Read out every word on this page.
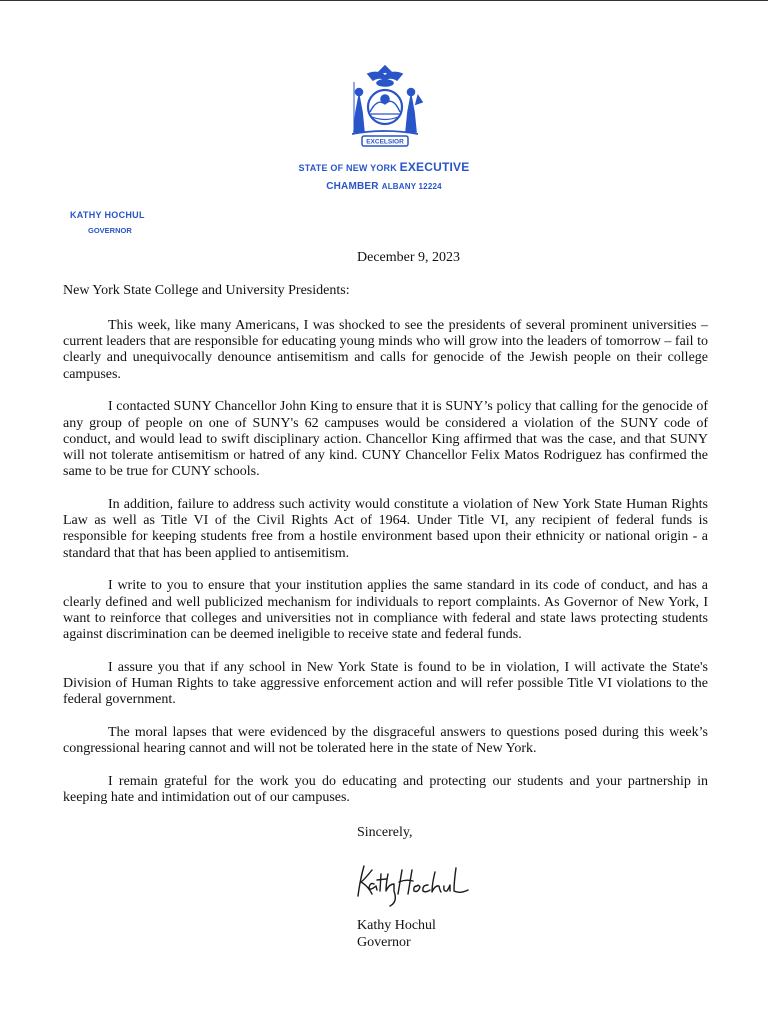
EXCELSIOR
STATE OF NEW YORK EXECUTIVE
CHAMBER ALBANY 12224
KATHY HOCHUL
GOVERNOR
December 9, 2023
New York State College and University Presidents:

This week, like many Americans, I was shocked to see the presidents of several prominent universities – current leaders that are responsible for educating young minds who will grow into the leaders of tomorrow – fail to clearly and unequivocally denounce antisemitism and calls for genocide of the Jewish people on their college campuses.

I contacted SUNY Chancellor John King to ensure that it is SUNY’s policy that calling for the genocide of any group of people on one of SUNY's 62 campuses would be considered a violation of the SUNY code of conduct, and would lead to swift disciplinary action. Chancellor King affirmed that was the case, and that SUNY will not tolerate antisemitism or hatred of any kind. CUNY Chancellor Felix Matos Rodriguez has confirmed the same to be true for CUNY schools.

In addition, failure to address such activity would constitute a violation of New York State Human Rights Law as well as Title VI of the Civil Rights Act of 1964. Under Title VI, any recipient of federal funds is responsible for keeping students free from a hostile environment based upon their ethnicity or national origin - a standard that that has been applied to antisemitism.

I write to you to ensure that your institution applies the same standard in its code of conduct, and has a clearly defined and well publicized mechanism for individuals to report complaints. As Governor of New York, I want to reinforce that colleges and universities not in compliance with federal and state laws protecting students against discrimination can be deemed ineligible to receive state and federal funds.

I assure you that if any school in New York State is found to be in violation, I will activate the State's Division of Human Rights to take aggressive enforcement action and will refer possible Title VI violations to the federal government.

The moral lapses that were evidenced by the disgraceful answers to questions posed during this week’s congressional hearing cannot and will not be tolerated here in the state of New York.

I remain grateful for the work you do educating and protecting our students and your partnership in keeping hate and intimidation out of our campuses.

Sincerely,
Kathy Hochul
Governor
